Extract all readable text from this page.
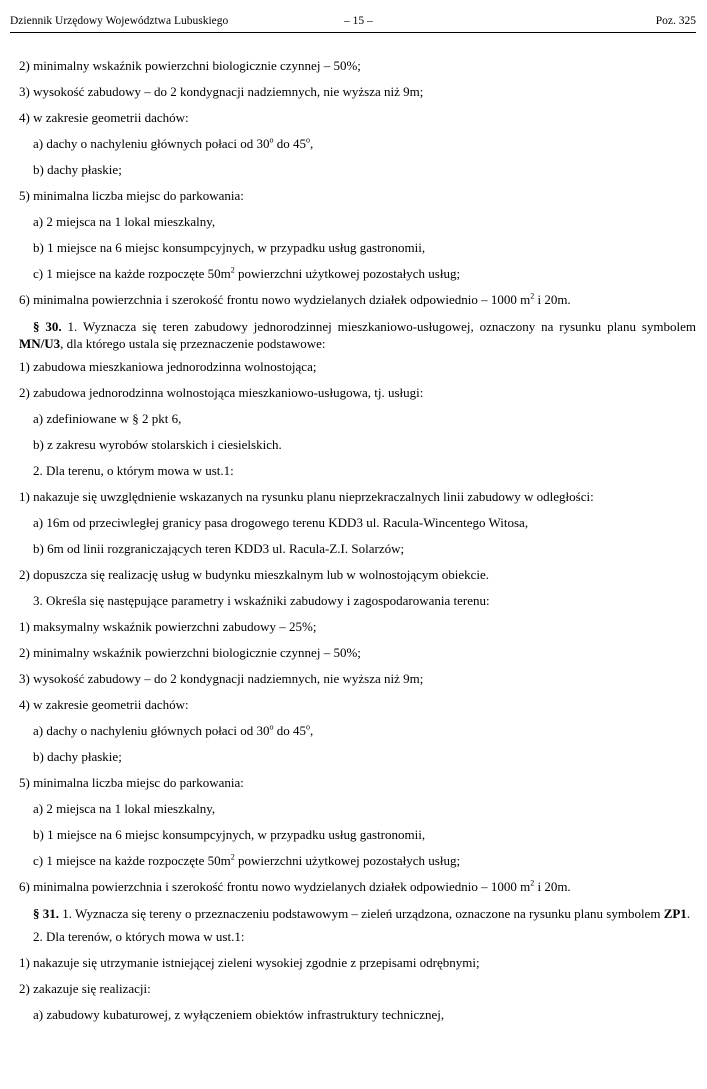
Dziennik Urzędowy Województwa Lubuskiego	– 15 –	Poz. 325
2) minimalny wskaźnik powierzchni biologicznie czynnej – 50%;
3) wysokość zabudowy – do 2 kondygnacji nadziemnych, nie wyższa niż 9m;
4) w zakresie geometrii dachów:
a) dachy o nachyleniu głównych połaci od 30$^o$ do 45$^o$,
b) dachy płaskie;
5) minimalna liczba miejsc do parkowania:
a) 2 miejsca na 1 lokal mieszkalny,
b) 1 miejsce na 6 miejsc konsumpcyjnych, w przypadku usług gastronomii,
c) 1 miejsce na każde rozpoczęte $50m^2$ powierzchni użytkowej pozostałych usług;
6) minimalna powierzchnia i szerokość frontu nowo wydzielanych działek odpowiednio – 1000 $m^2$ i 20m.
§ 30. 1. Wyznacza się teren zabudowy jednorodzinnej mieszkaniowo-usługowej, oznaczony na rysunku planu symbolem MN/U3, dla którego ustala się przeznaczenie podstawowe:
1) zabudowa mieszkaniowa jednorodzinna wolnostojąca;
2) zabudowa jednorodzinna wolnostojąca mieszkaniowo-usługowa, tj. usługi:
a) zdefiniowane w § 2 pkt 6,
b) z zakresu wyrobów stolarskich i ciesielskich.
2. Dla terenu, o którym mowa w ust.1:
1) nakazuje się uwzględnienie wskazanych na rysunku planu nieprzekraczalnych linii zabudowy w odległości:
a) 16m od przeciwległej granicy pasa drogowego terenu KDD3 ul. Racula-Wincentego Witosa,
b) 6m od linii rozgraniczających teren KDD3 ul. Racula-Z.I. Solarzów;
2) dopuszcza się realizację usług w budynku mieszkalnym lub w wolnostojącym obiekcie.
3. Określa się następujące parametry i wskaźniki zabudowy i zagospodarowania terenu:
1) maksymalny wskaźnik powierzchni zabudowy – 25%;
2) minimalny wskaźnik powierzchni biologicznie czynnej – 50%;
3) wysokość zabudowy – do 2 kondygnacji nadziemnych, nie wyższa niż 9m;
4) w zakresie geometrii dachów:
a) dachy o nachyleniu głównych połaci od 30$^o$ do 45$^o$,
b) dachy płaskie;
5) minimalna liczba miejsc do parkowania:
a) 2 miejsca na 1 lokal mieszkalny,
b) 1 miejsce na 6 miejsc konsumpcyjnych, w przypadku usług gastronomii,
c) 1 miejsce na każde rozpoczęte $50m^2$ powierzchni użytkowej pozostałych usług;
6) minimalna powierzchnia i szerokość frontu nowo wydzielanych działek odpowiednio – 1000 $m^2$ i 20m.
§ 31. 1. Wyznacza się tereny o przeznaczeniu podstawowym – zieleń urządzona, oznaczone na rysunku planu symbolem ZP1.
2. Dla terenów, o których mowa w ust.1:
1) nakazuje się utrzymanie istniejącej zieleni wysokiej zgodnie z przepisami odrębnymi;
2) zakazuje się realizacji:
a) zabudowy kubaturowej, z wyłączeniem obiektów infrastruktury technicznej,
